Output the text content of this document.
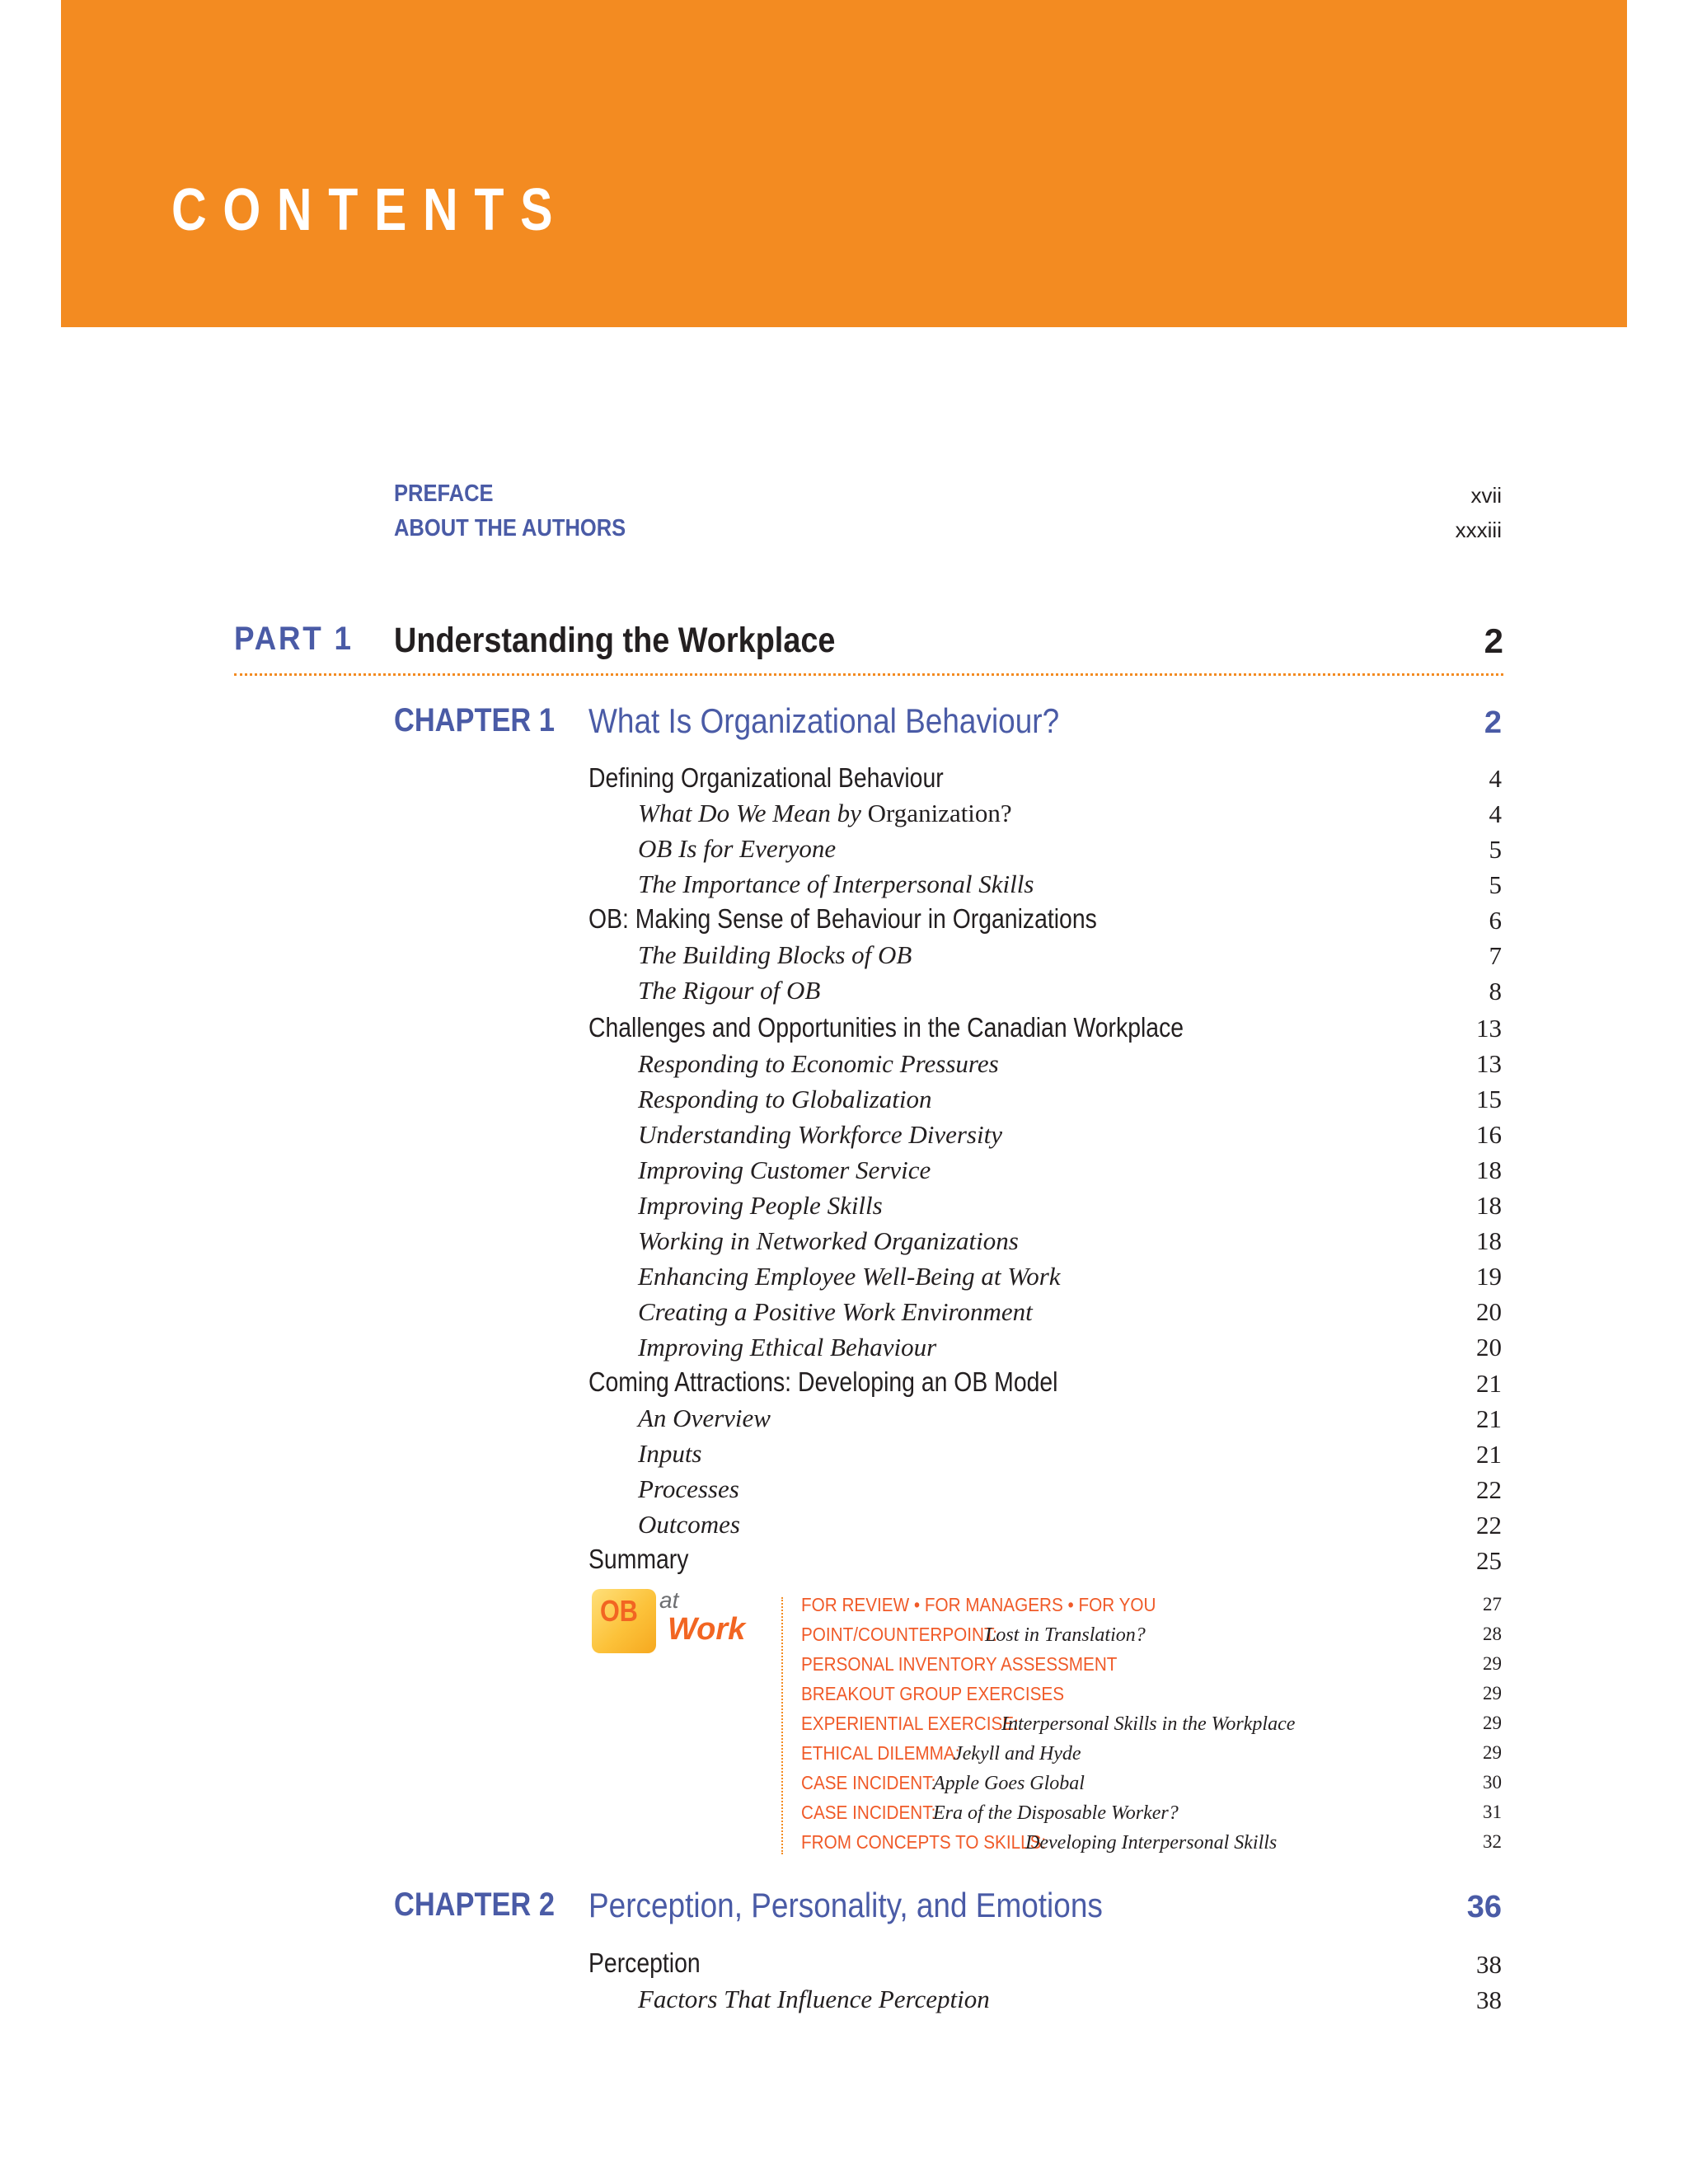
CONTENTS
PREFACE	xvii
ABOUT THE AUTHORS	xxxiii
PART 1 Understanding the Workplace	2
CHAPTER 1 What Is Organizational Behaviour?	2
Defining Organizational Behaviour	4
What Do We Mean by Organization?	4
OB Is for Everyone	5
The Importance of Interpersonal Skills	5
OB: Making Sense of Behaviour in Organizations	6
The Building Blocks of OB	7
The Rigour of OB	8
Challenges and Opportunities in the Canadian Workplace	13
Responding to Economic Pressures	13
Responding to Globalization	15
Understanding Workforce Diversity	16
Improving Customer Service	18
Improving People Skills	18
Working in Networked Organizations	18
Enhancing Employee Well-Being at Work	19
Creating a Positive Work Environment	20
Improving Ethical Behaviour	20
Coming Attractions: Developing an OB Model	21
An Overview	21
Inputs	21
Processes	22
Outcomes	22
Summary	25
OB at
Work
FOR REVIEW • FOR MANAGERS • FOR YOU	27
POINT/COUNTERPOINT:
Lost in Translation?	28
PERSONAL INVENTORY ASSESSMENT	29
BREAKOUT GROUP EXERCISES	29
EXPERIENTIAL EXERCISE:
Interpersonal Skills in the Workplace	29
ETHICAL DILEMMA:
Jekyll and Hyde	29
CASE INCIDENT:
Apple Goes Global	30
CASE INCIDENT:
Era of the Disposable Worker?	31
FROM CONCEPTS TO SKILLS:
Developing Interpersonal Skills	32
CHAPTER 2 Perception, Personality, and Emotions	36
Perception	38
Factors That Influence Perception	38
